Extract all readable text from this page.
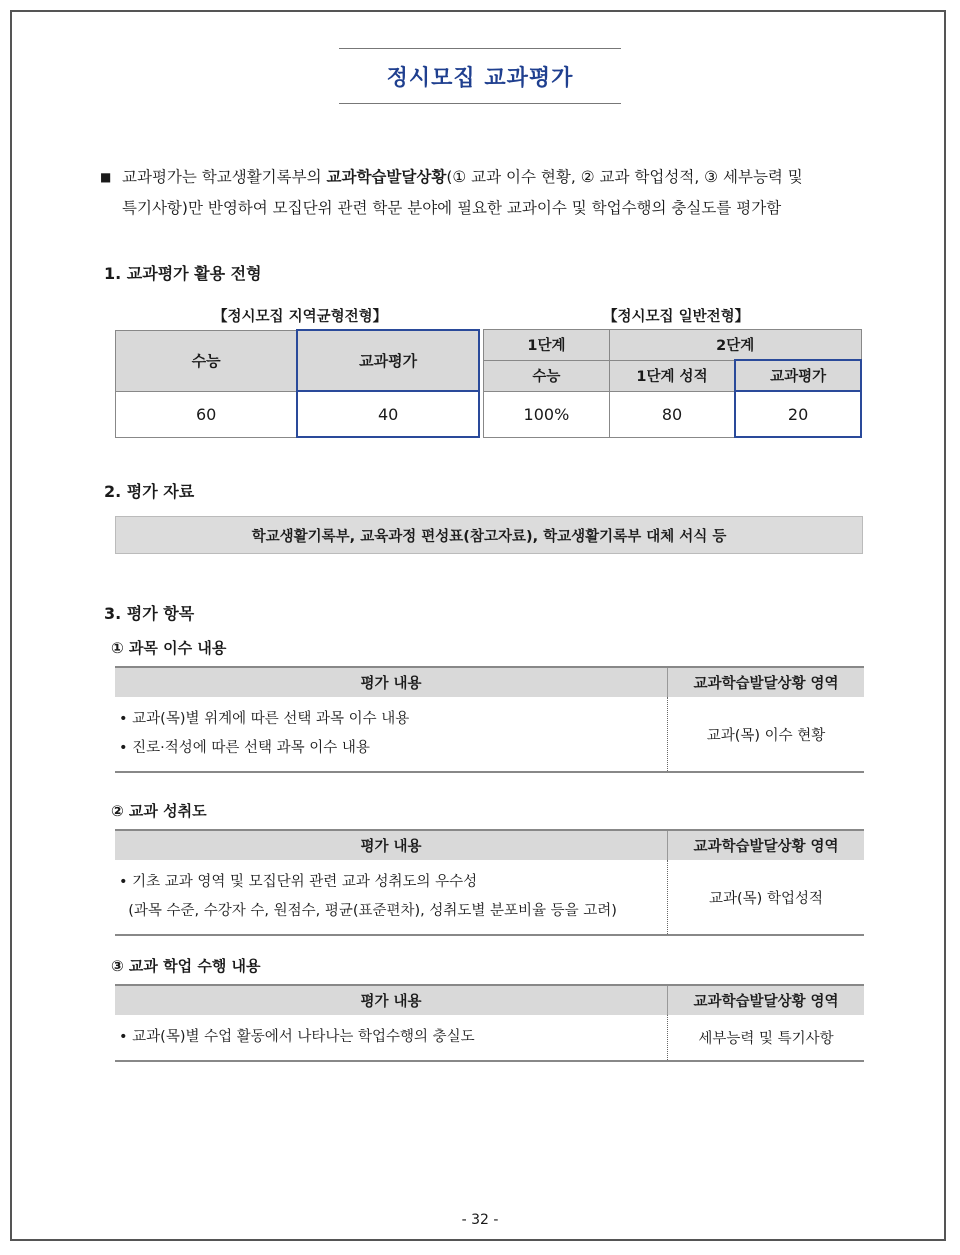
정시모집 교과평가
■ 교과평가는 학교생활기록부의 교과학습발달상황(① 교과 이수 현황, ② 교과 학업성적, ③ 세부능력 및

특기사항)만 반영하여 모집단위 관련 학문 분야에 필요한 교과이수 및 학업수행의 충실도를 평가함

1. 교과평가 활용 전형
【정시모집 지역균형전형】	【정시모집 일반전형】
수능	교과평가
60	40
1단계	2단계	
수능	1단계 성적	교과평가
100%	80	20
2. 평가 자료
학교생활기록부, 교육과정 편성표(참고자료), 학교생활기록부 대체 서식 등
3. 평가 항목
① 과목 이수 내용
평가 내용	교과학습발달상황 영역

• 교과(목)별 위계에 따른 선택 과목 이수 내용
• 진로·적성에 따른 선택 과목 이수 내용	교과(목) 이수 현황
② 교과 성취도
평가 내용	교과학습발달상황 영역

• 기초 교과 영역 및 모집단위 관련 교과 성취도의 우수성
(과목 수준, 수강자 수, 원점수, 평균(표준편차), 성취도별 분포비율 등을 고려)	교과(목) 학업성적
③ 교과 학업 수행 내용
평가 내용	교과학습발달상황 영역

• 교과(목)별 수업 활동에서 나타나는 학업수행의 충실도	세부능력 및 특기사항
- 32 -
